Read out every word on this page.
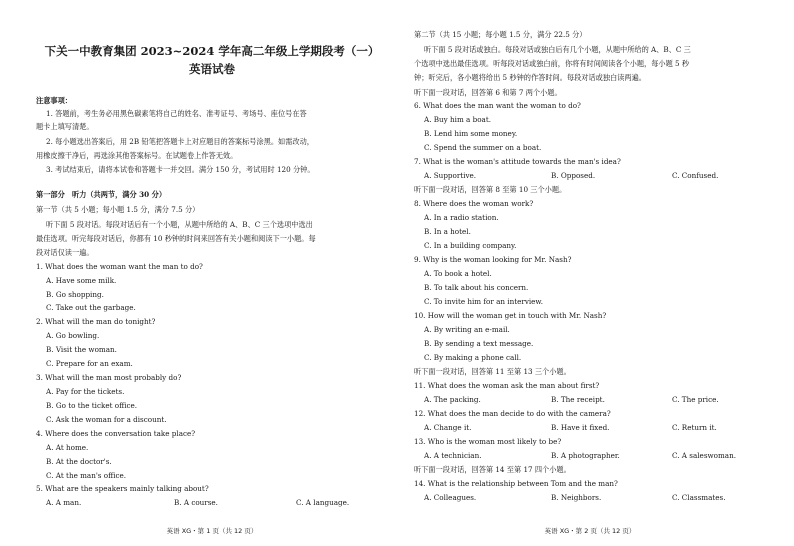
下关一中教育集团 2023~2024 学年高二年级上学期段考（一）
英语试卷
注意事项：
1. 答题前，考生务必用黑色碳素笔将自己的姓名、准考证号、考场号、座位号在答
题卡上填写清楚。
2. 每小题选出答案后，用 2B 铅笔把答题卡上对应题目的答案标号涂黑。如需改动，
用橡皮擦干净后，再选涂其他答案标号。在试题卷上作答无效。
3. 考试结束后，请将本试卷和答题卡一并交回。满分 150 分，考试用时 120 分钟。
第一部分　听力（共两节，满分 30 分）
第一节（共 5 小题；每小题 1.5 分，满分 7.5 分）
听下面 5 段对话。每段对话后有一个小题，从题中所给的 A、B、C 三个选项中选出
最佳选项。听完每段对话后，你都有 10 秒钟的时间来回答有关小题和阅读下一小题。每
段对话仅读一遍。
1. What does the woman want the man to do?
A. Have some milk.
B. Go shopping.
C. Take out the garbage.
2. What will the man do tonight?
A. Go bowling.
B. Visit the woman.
C. Prepare for an exam.
3. What will the man most probably do?
A. Pay for the tickets.
B. Go to the ticket office.
C. Ask the woman for a discount.
4. Where does the conversation take place?
A. At home.
B. At the doctor's.
C. At the man's office.
5. What are the speakers mainly talking about?
A. A man.	B. A course.	C. A language.
英语 XG・第 1 页（共 12 页）
第二节（共 15 小题；每小题 1.5 分，满分 22.5 分）
听下面 5 段对话或独白。每段对话或独白后有几个小题，从题中所给的 A、B、C 三
个选项中选出最佳选项。听每段对话或独白前，你将有时间阅读各个小题，每小题 5 秒
钟；听完后，各小题将给出 5 秒钟的作答时间。每段对话或独白读两遍。
听下面一段对话，回答第 6 和第 7 两个小题。
6. What does the man want the woman to do?
A. Buy him a boat.
B. Lend him some money.
C. Spend the summer on a boat.
7. What is the woman's attitude towards the man's idea?
A. Supportive.	B. Opposed.	C. Confused.
听下面一段对话，回答第 8 至第 10 三个小题。
8. Where does the woman work?
A. In a radio station.
B. In a hotel.
C. In a building company.
9. Why is the woman looking for Mr. Nash?
A. To book a hotel.
B. To talk about his concern.
C. To invite him for an interview.
10. How will the woman get in touch with Mr. Nash?
A. By writing an e-mail.
B. By sending a text message.
C. By making a phone call.
听下面一段对话，回答第 11 至第 13 三个小题。
11. What does the woman ask the man about first?
A. The packing.	B. The receipt.	C. The price.
12. What does the man decide to do with the camera?
A. Change it.	B. Have it fixed.	C. Return it.
13. Who is the woman most likely to be?
A. A technician.	B. A photographer.	C. A saleswoman.
听下面一段对话，回答第 14 至第 17 四个小题。
14. What is the relationship between Tom and the man?
A. Colleagues.	B. Neighbors.	C. Classmates.
英语 XG・第 2 页（共 12 页）
